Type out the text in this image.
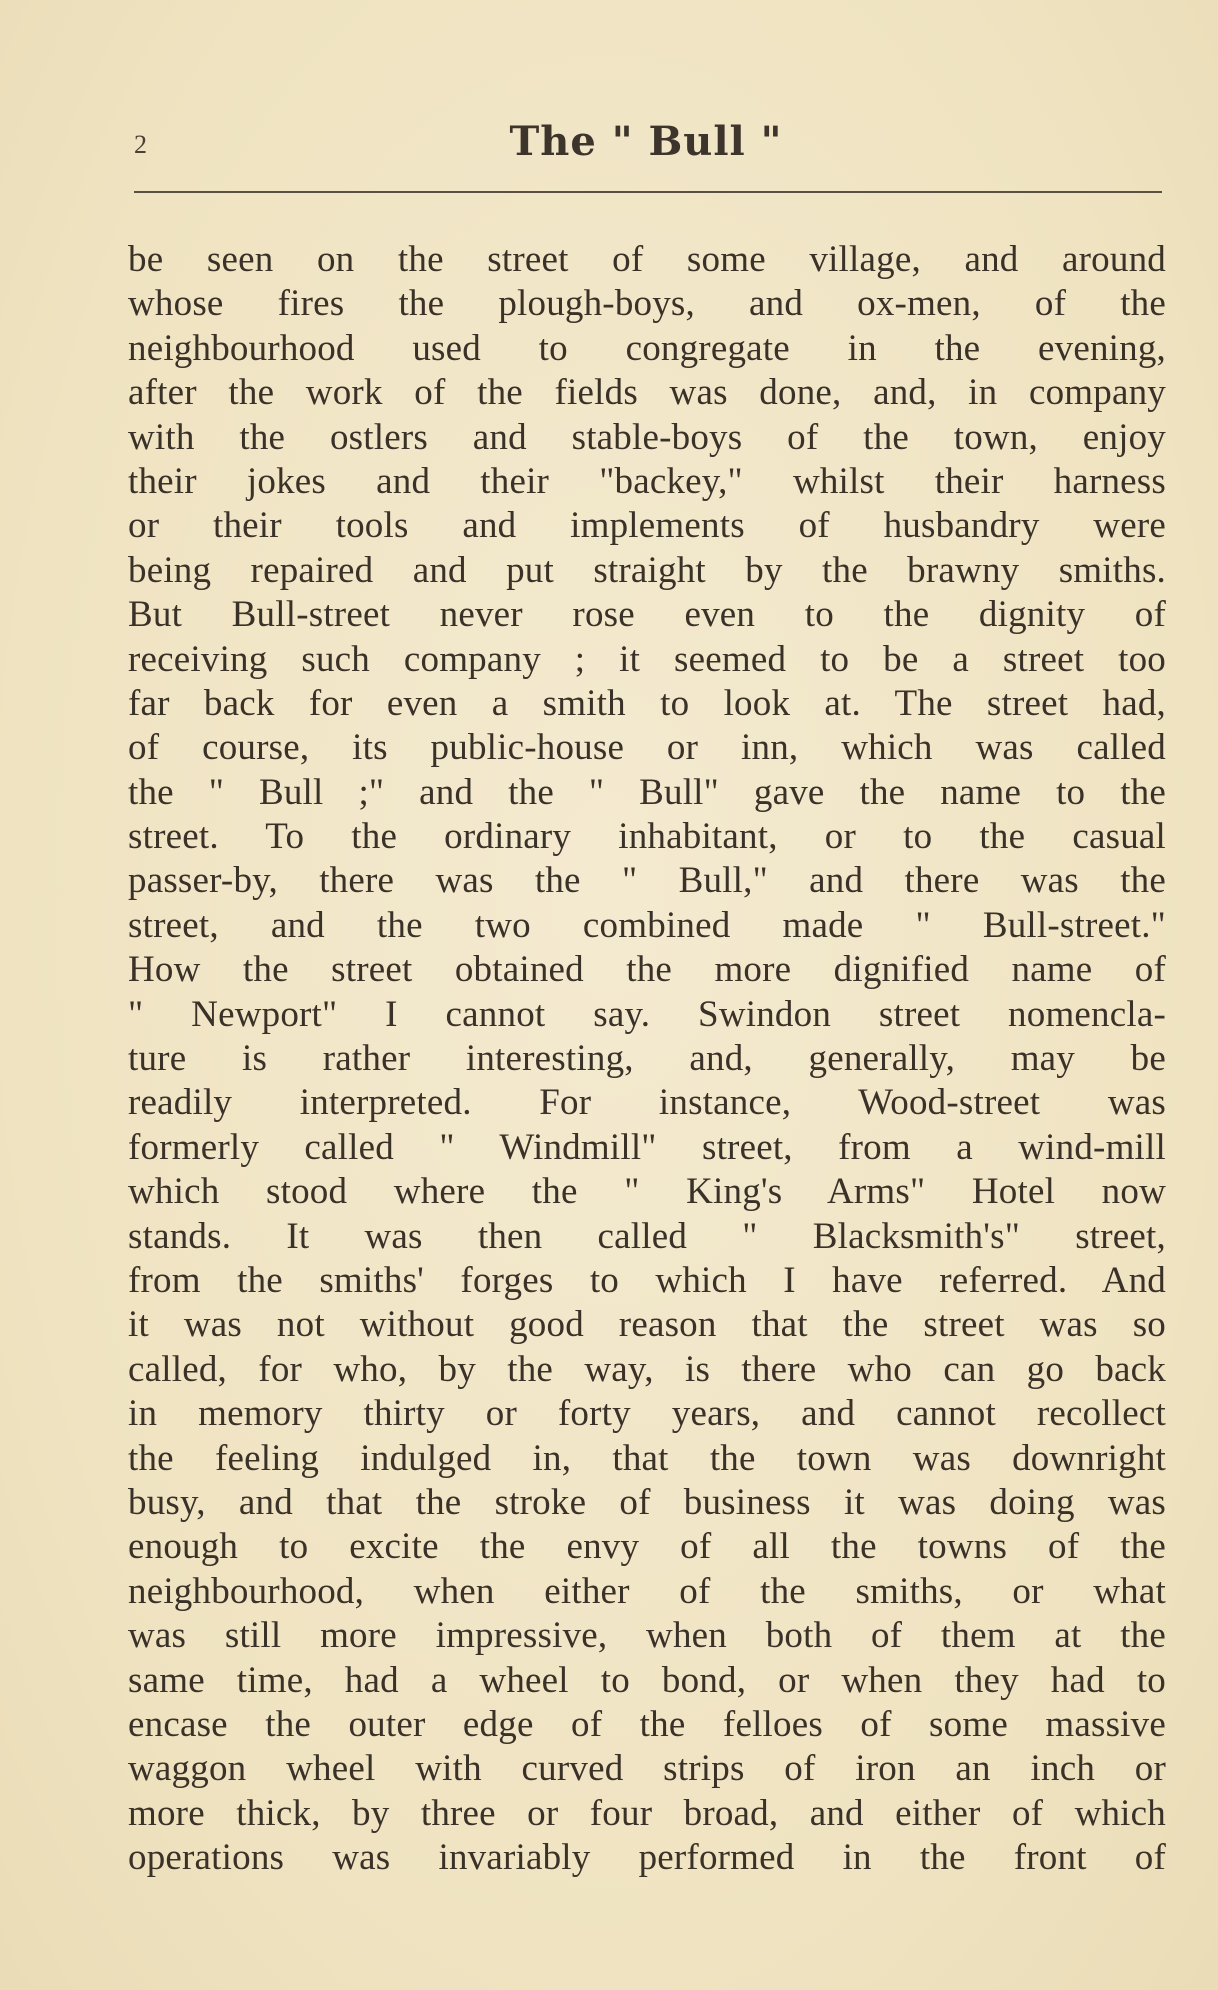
2	The " Bull "
be seen on the street of some village, and around
whose fires the plough-boys, and ox-men, of the
neighbourhood used to congregate in the evening,
after the work of the fields was done, and, in company
with the ostlers and stable-boys of the town, enjoy
their jokes and their "backey," whilst their harness
or their tools and implements of husbandry were
being repaired and put straight by the brawny smiths.
But Bull-street never rose even to the dignity of
receiving such company ; it seemed to be a street too
far back for even a smith to look at. The street had,
of course, its public-house or inn, which was called
the " Bull ;" and the " Bull" gave the name to the
street. To the ordinary inhabitant, or to the casual
passer-by, there was the " Bull," and there was the
street, and the two combined made " Bull-street."
How the street obtained the more dignified name of
" Newport" I cannot say. Swindon street nomencla-
ture is rather interesting, and, generally, may be
readily interpreted. For instance, Wood-street was
formerly called " Windmill" street, from a wind-mill
which stood where the " King's Arms" Hotel now
stands. It was then called " Blacksmith's" street,
from the smiths' forges to which I have referred. And
it was not without good reason that the street was so
called, for who, by the way, is there who can go back
in memory thirty or forty years, and cannot recollect
the feeling indulged in, that the town was downright
busy, and that the stroke of business it was doing was
enough to excite the envy of all the towns of the
neighbourhood, when either of the smiths, or what
was still more impressive, when both of them at the
same time, had a wheel to bond, or when they had to
encase the outer edge of the felloes of some massive
waggon wheel with curved strips of iron an inch or
more thick, by three or four broad, and either of which
operations was invariably performed in the front of
